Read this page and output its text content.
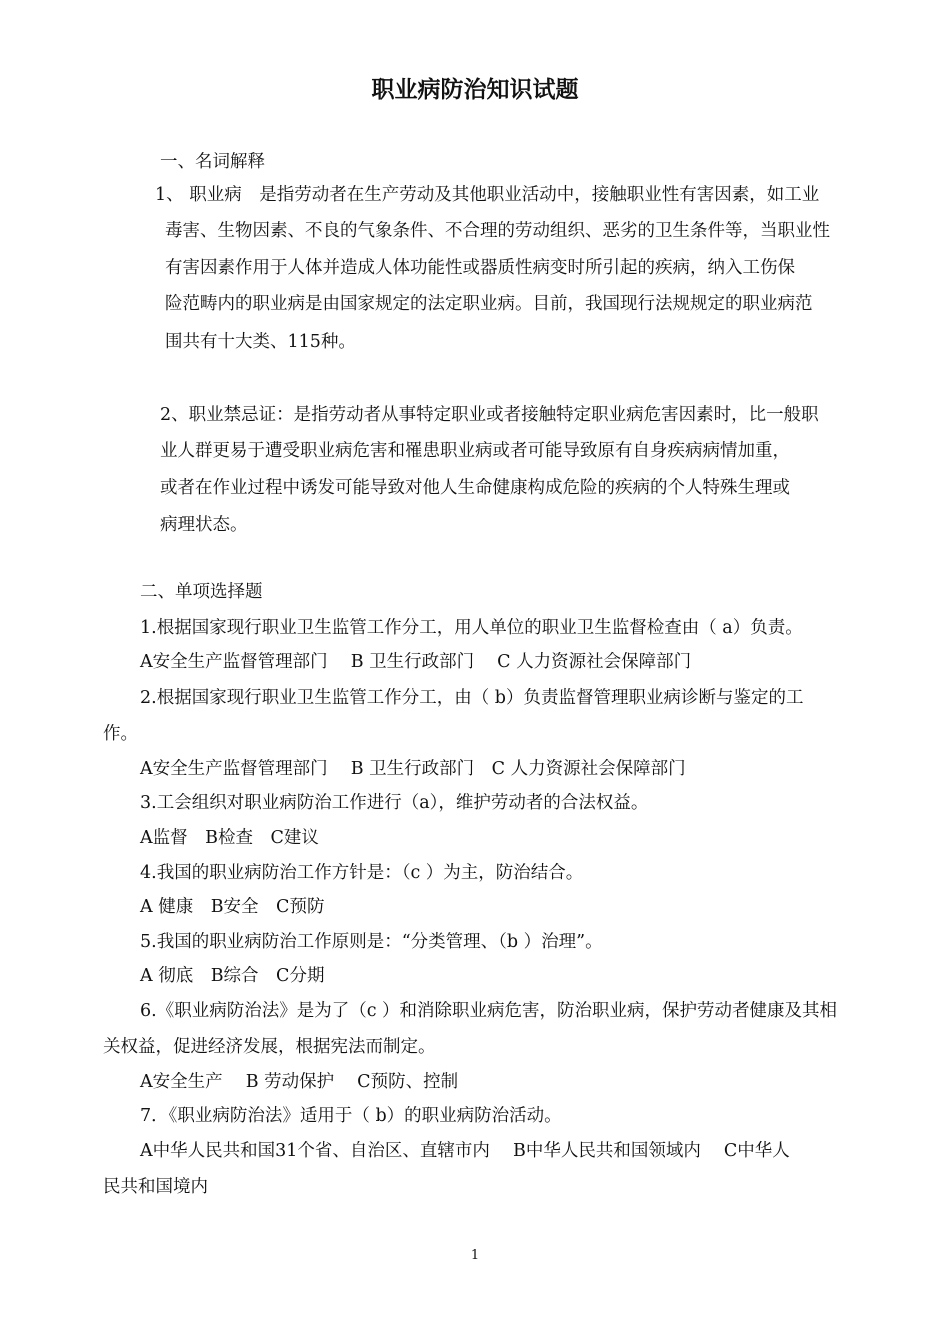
职业病防治知识试题
一、名词解释
1、 职业病　是指劳动者在生产劳动及其他职业活动中，接触职业性有害因素，如工业
毒害、生物因素、不良的气象条件、不合理的劳动组织、恶劣的卫生条件等，当职业性
有害因素作用于人体并造成人体功能性或器质性病变时所引起的疾病，纳入工伤保
险范畴内的职业病是由国家规定的法定职业病。目前，我国现行法规规定的职业病范
围共有十大类、115种。
2、职业禁忌证：是指劳动者从事特定职业或者接触特定职业病危害因素时，比一般职
业人群更易于遭受职业病危害和罹患职业病或者可能导致原有自身疾病病情加重，
或者在作业过程中诱发可能导致对他人生命健康构成危险的疾病的个人特殊生理或
病理状态。
二、单项选择题
1.根据国家现行职业卫生监管工作分工，用人单位的职业卫生监督检查由（ a）负责。
A安全生产监督管理部门　 B 卫生行政部门　 C 人力资源社会保障部门
2.根据国家现行职业卫生监管工作分工，由（ b）负责监督管理职业病诊断与鉴定的工
作。
A安全生产监督管理部门　 B 卫生行政部门　C 人力资源社会保障部门
3.工会组织对职业病防治工作进行（a），维护劳动者的合法权益。
A监督　B检查　C建议
4.我国的职业病防治工作方针是：（c ）为主，防治结合。
A 健康　B安全　C预防
5.我国的职业病防治工作原则是：“分类管理、（b ）治理”。
A 彻底　B综合　C分期
6.《职业病防治法》是为了（c ）和消除职业病危害，防治职业病，保护劳动者健康及其相
关权益，促进经济发展，根据宪法而制定。
A安全生产　 B 劳动保护　 C预防、控制
7．《职业病防治法》适用于（ b）的职业病防治活动。
A中华人民共和国31个省、自治区、直辖市内　 B中华人民共和国领域内　 C中华人
民共和国境内
1
